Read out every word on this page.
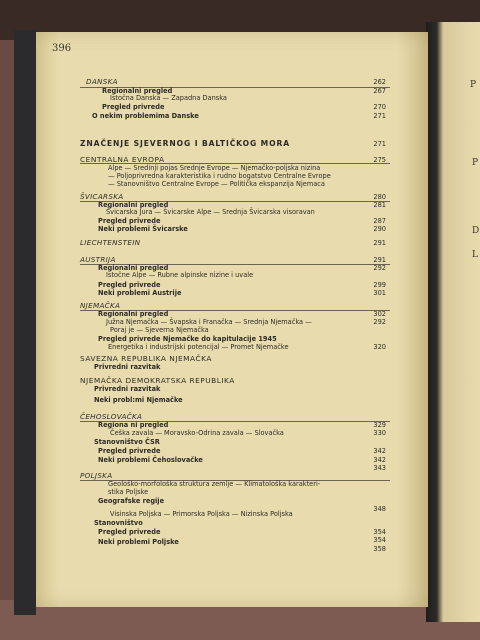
P
P
D
L
396
DANSKA
Regionalni pregled
Istočna Danska — Zapadna Danska
Pregled privrede
O nekim problemima Danske
ZNAČENJE SJEVERNOG I BALTIČKOG MORA
CENTRALNA EVROPA
Alpe — Sredinji pojas Srednje Evrope — Njemačko-poljska nizina
— Poljoprivredna karakteristika i rudno bogatstvo Centralne Evrope
— Stanovništvo Centralne Evrope — Politička ekspanzija Njemaca
ŠVICARSKA
Regionalni pregled
Švicarska Jura — Švicarske Alpe — Srednja Švicarska visoravan
Pregled privrede
Neki problemi Švicarske
LIECHTENSTEIN
AUSTRIJA
Regionalni pregled
Istočne Alpe — Rubne alpinske nizine i uvale
Pregled privrede
Neki problemi Austrije
NJEMAČKA
Regionalni pregled
Južna Njemačka — Švapska i Franačka — Srednja Njemačka —
Poraj je — Sjeverna Njemačka
Pregled privrede Njemačke do kapitulacije 1945
Energetika i industrijski potencijal — Promet Njemačke
SAVEZNA REPUBLIKA NJEMAČKA
Privredni razvitak
NJEMAČKA DEMOKRATSKA REPUBLIKA
Privredni razvitak
Neki probl:mi Njemačke
ČEHOSLOVAČKA
Regiona ni pregled
Češka zavala — Moravsko-Odrina zavala — Slovačka
Stanovništvo ČSR
Pregled privrede
Neki problemi Čehoslovačke
POLJSKA
Geološko-morfološka struktura zemlje — Klimatološka karakteri-
stika Poljske
Geografske regije
Visinska Poljska — Primorska Poljska — Nizinska Poljska
Stanovništvo
Pregled privrede
Neki problemi Poljske
262
267
270
271
271
275
280
281
287
290
291
291
292
299
301
302
292
320
329
330
342
342
343
348
354
354
358
